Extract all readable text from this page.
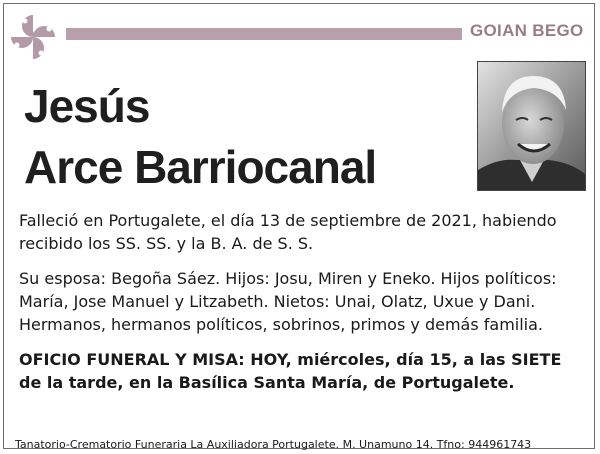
GOIAN BEGO
Jesús
Arce Barriocanal
Falleció en Portugalete, el día 13 de septiembre de 2021, habiendo recibido los SS. SS. y la B. A. de S. S.
Su esposa: Begoña Sáez. Hijos: Josu, Miren y Eneko. Hijos políticos: María, Jose Manuel y Litzabeth. Nietos: Unai, Olatz, Uxue y Dani. Hermanos, hermanos políticos, sobrinos, primos y demás familia.
OFICIO FUNERAL Y MISA: HOY, miércoles, día 15, a las SIETE de la tarde, en la Basílica Santa María, de Portugalete.
Tanatorio-Crematorio Funeraria La Auxiliadora Portugalete. M. Unamuno 14. Tfno: 944961743
